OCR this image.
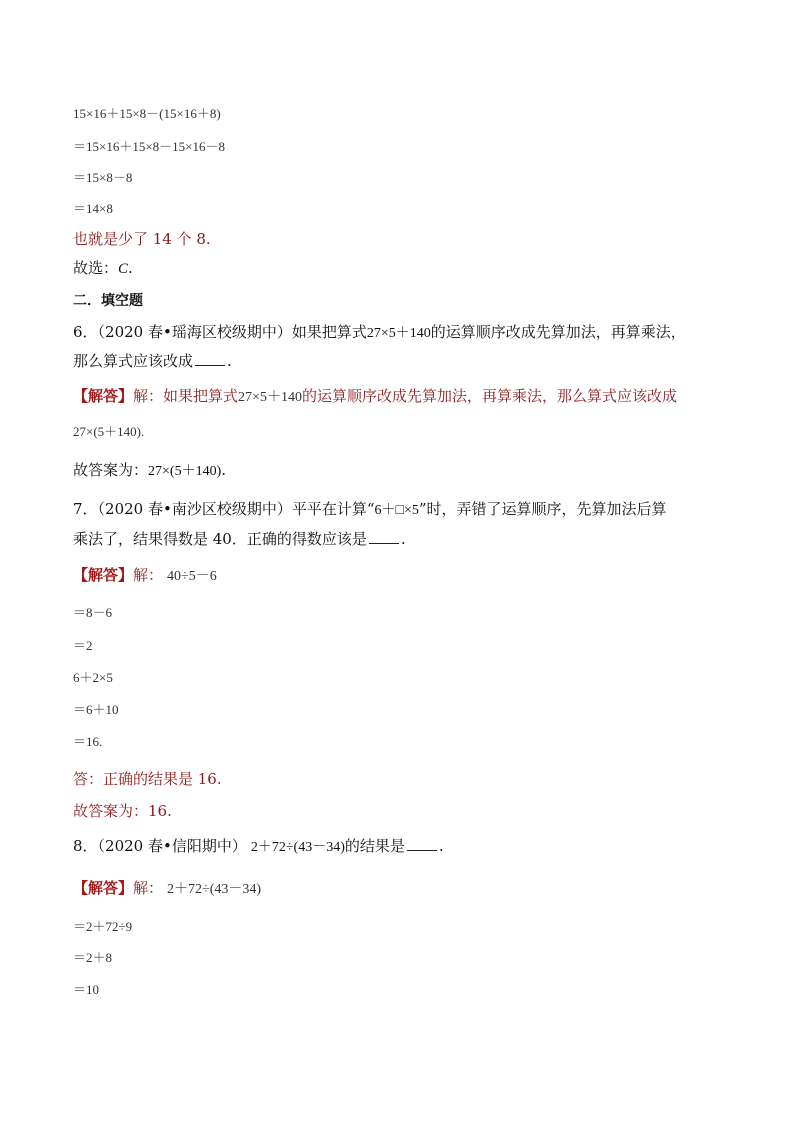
15×16＋15×8－(15×16＋8)
＝15×16＋15×8－15×16－8
＝15×8－8
＝14×8
也就是少了 14 个 8.
故选：C.
二．填空题
6．（2020 春•瑶海区校级期中）如果把算式27×5＋140的运算顺序改成先算加法，再算乘法，
那么算式应该改成 .
【解答】解：如果把算式27×5＋140的运算顺序改成先算加法，再算乘法，那么算式应该改成
27×(5＋140).
故答案为：27×(5＋140).
7．（2020 春•南沙区校级期中）平平在计算“6＋□×5”时，弄错了运算顺序，先算加法后算
乘法了，结果得数是 40．正确的得数应该是 .
【解答】解： 40÷5－6
＝8－6
＝2
6＋2×5
＝6＋10
＝16.
答：正确的结果是 16.
故答案为：16.
8．（2020 春•信阳期中） 2＋72÷(43－34)的结果是 .
【解答】解： 2＋72÷(43－34)
＝2＋72÷9
＝2＋8
＝10
